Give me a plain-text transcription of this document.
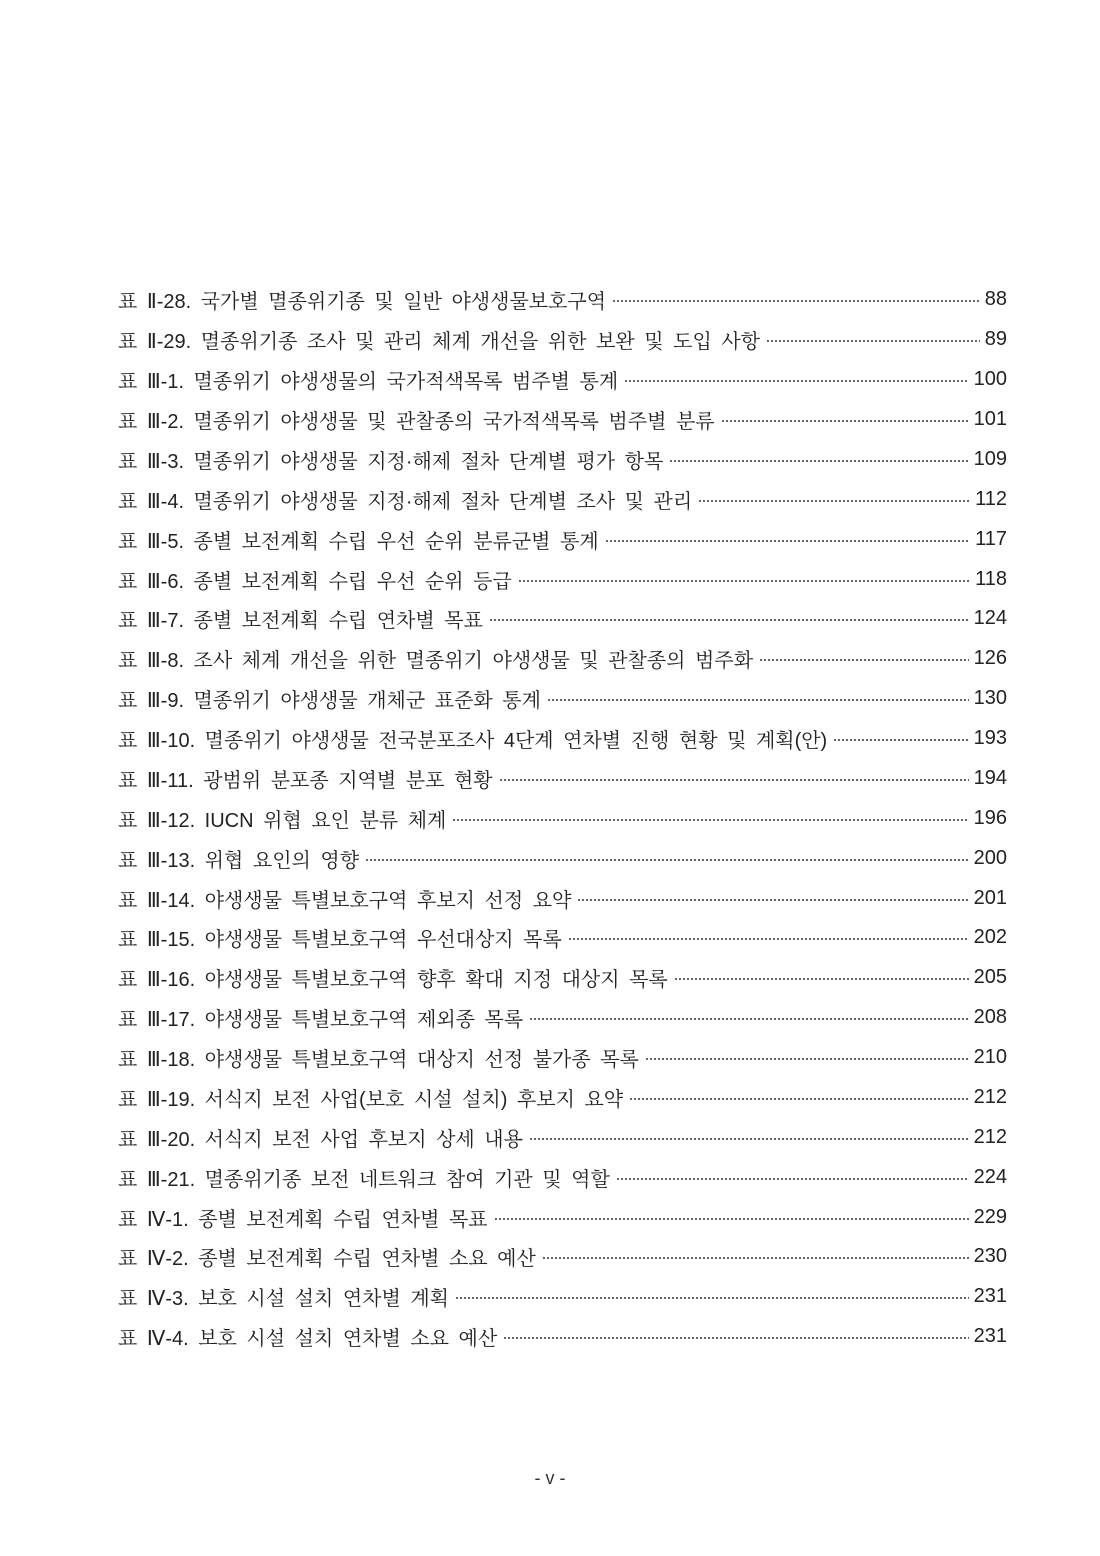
표 Ⅱ-28. 국가별 멸종위기종 및 일반 야생생물보호구역	88
표 Ⅱ-29. 멸종위기종 조사 및 관리 체계 개선을 위한 보완 및 도입 사항	89
표 Ⅲ-1. 멸종위기 야생생물의 국가적색목록 범주별 통계	100
표 Ⅲ-2. 멸종위기 야생생물 및 관찰종의 국가적색목록 범주별 분류	101
표 Ⅲ-3. 멸종위기 야생생물 지정·해제 절차 단계별 평가 항목	109
표 Ⅲ-4. 멸종위기 야생생물 지정·해제 절차 단계별 조사 및 관리	112
표 Ⅲ-5. 종별 보전계획 수립 우선 순위 분류군별 통계	117
표 Ⅲ-6. 종별 보전계획 수립 우선 순위 등급	118
표 Ⅲ-7. 종별 보전계획 수립 연차별 목표	124
표 Ⅲ-8. 조사 체계 개선을 위한 멸종위기 야생생물 및 관찰종의 범주화	126
표 Ⅲ-9. 멸종위기 야생생물 개체군 표준화 통계	130
표 Ⅲ-10. 멸종위기 야생생물 전국분포조사 4단계 연차별 진행 현황 및 계획(안)	193
표 Ⅲ-11. 광범위 분포종 지역별 분포 현황	194
표 Ⅲ-12. IUCN 위협 요인 분류 체계	196
표 Ⅲ-13. 위협 요인의 영향	200
표 Ⅲ-14. 야생생물 특별보호구역 후보지 선정 요약	201
표 Ⅲ-15. 야생생물 특별보호구역 우선대상지 목록	202
표 Ⅲ-16. 야생생물 특별보호구역 향후 확대 지정 대상지 목록	205
표 Ⅲ-17. 야생생물 특별보호구역 제외종 목록	208
표 Ⅲ-18. 야생생물 특별보호구역 대상지 선정 불가종 목록	210
표 Ⅲ-19. 서식지 보전 사업(보호 시설 설치) 후보지 요약	212
표 Ⅲ-20. 서식지 보전 사업 후보지 상세 내용	212
표 Ⅲ-21. 멸종위기종 보전 네트워크 참여 기관 및 역할	224
표 Ⅳ-1. 종별 보전계획 수립 연차별 목표	229
표 Ⅳ-2. 종별 보전계획 수립 연차별 소요 예산	230
표 Ⅳ-3. 보호 시설 설치 연차별 계획	231
표 Ⅳ-4. 보호 시설 설치 연차별 소요 예산	231
- v -
